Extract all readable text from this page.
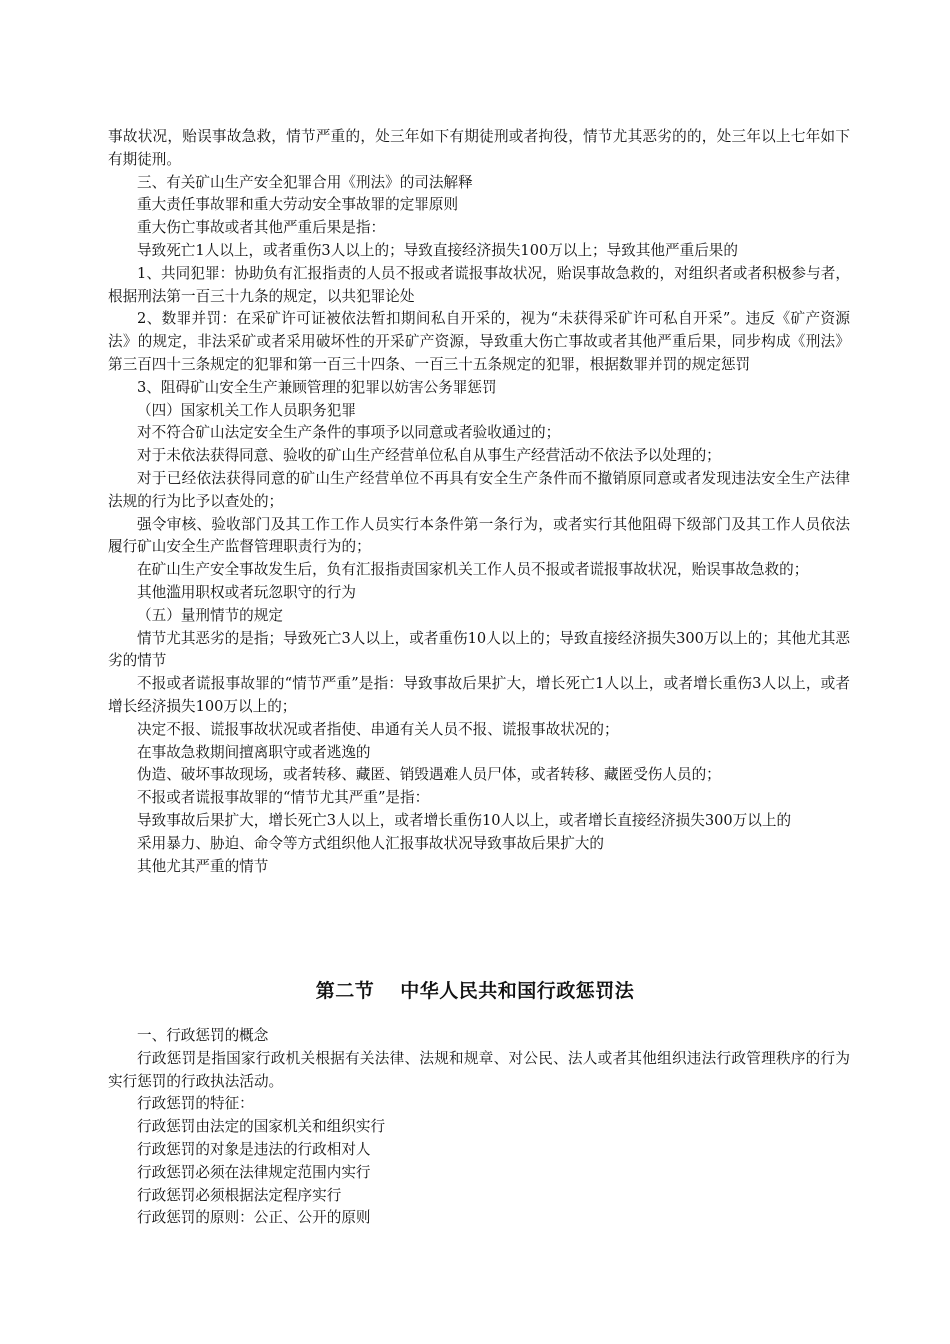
事故状况，贻误事故急救，情节严重的，处三年如下有期徒刑或者拘役，情节尤其恶劣的的，处三年以上七年如下有期徒刑。

三、有关矿山生产安全犯罪合用《刑法》的司法解释

重大责任事故罪和重大劳动安全事故罪的定罪原则

重大伤亡事故或者其他严重后果是指：

导致死亡1人以上，或者重伤3人以上的；导致直接经济损失100万以上；导致其他严重后果的

1、共同犯罪：协助负有汇报指责的人员不报或者谎报事故状况，贻误事故急救的，对组织者或者积极参与者，根据刑法第一百三十九条的规定，以共犯罪论处

2、数罪并罚：在采矿许可证被依法暂扣期间私自开采的，视为“未获得采矿许可私自开采”。违反《矿产资源法》的规定，非法采矿或者采用破坏性的开采矿产资源，导致重大伤亡事故或者其他严重后果，同步构成《刑法》第三百四十三条规定的犯罪和第一百三十四条、一百三十五条规定的犯罪，根据数罪并罚的规定惩罚

3、阻碍矿山安全生产兼顾管理的犯罪以妨害公务罪惩罚

（四）国家机关工作人员职务犯罪

对不符合矿山法定安全生产条件的事项予以同意或者验收通过的；

对于未依法获得同意、验收的矿山生产经营单位私自从事生产经营活动不依法予以处理的；

对于已经依法获得同意的矿山生产经营单位不再具有安全生产条件而不撤销原同意或者发现违法安全生产法律法规的行为比予以查处的；

强令审核、验收部门及其工作工作人员实行本条件第一条行为，或者实行其他阻碍下级部门及其工作人员依法履行矿山安全生产监督管理职责行为的；

在矿山生产安全事故发生后，负有汇报指责国家机关工作人员不报或者谎报事故状况，贻误事故急救的；

其他滥用职权或者玩忽职守的行为

（五）量刑情节的规定

情节尤其恶劣的是指；导致死亡3人以上，或者重伤10人以上的；导致直接经济损失300万以上的；其他尤其恶劣的情节

不报或者谎报事故罪的“情节严重”是指：导致事故后果扩大，增长死亡1人以上，或者增长重伤3人以上，或者增长经济损失100万以上的；

决定不报、谎报事故状况或者指使、串通有关人员不报、谎报事故状况的；

在事故急救期间擅离职守或者逃逸的

伪造、破坏事故现场，或者转移、藏匿、销毁遇难人员尸体，或者转移、藏匿受伤人员的；

不报或者谎报事故罪的“情节尤其严重”是指：

导致事故后果扩大，增长死亡3人以上，或者增长重伤10人以上，或者增长直接经济损失300万以上的

采用暴力、胁迫、命令等方式组织他人汇报事故状况导致事故后果扩大的

其他尤其严重的情节

第二节 中华人民共和国行政惩罚法

一、行政惩罚的概念

行政惩罚是指国家行政机关根据有关法律、法规和规章、对公民、法人或者其他组织违法行政管理秩序的行为实行惩罚的行政执法活动。

行政惩罚的特征：

行政惩罚由法定的国家机关和组织实行

行政惩罚的对象是违法的行政相对人

行政惩罚必须在法律规定范围内实行

行政惩罚必须根据法定程序实行

行政惩罚的原则：公正、公开的原则
